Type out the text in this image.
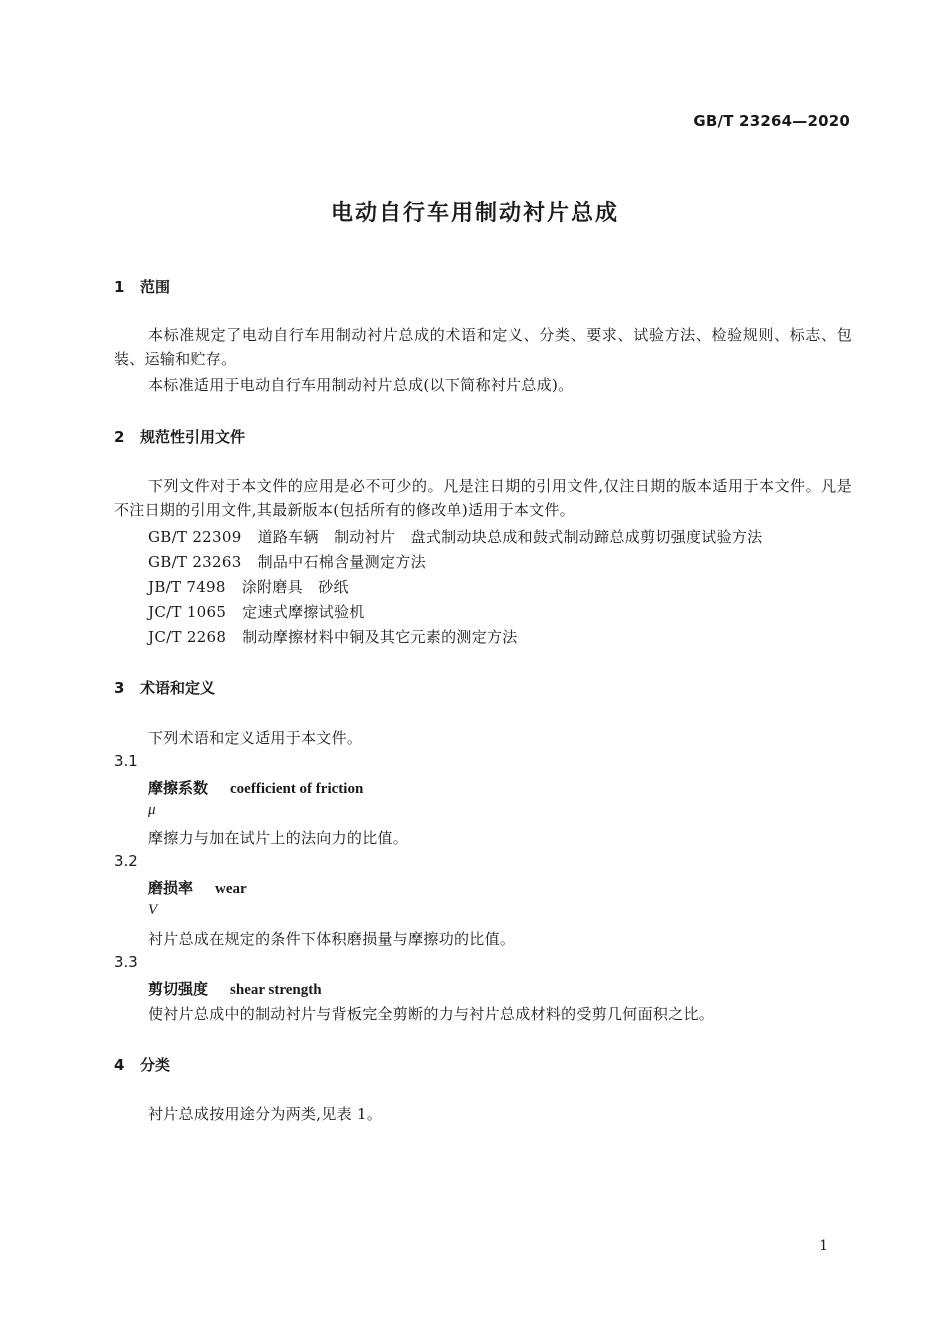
GB/T 23264—2020
电动自行车用制动衬片总成
1 范围
本标准规定了电动自行车用制动衬片总成的术语和定义、分类、要求、试验方法、检验规则、标志、包装、运输和贮存。
本标准适用于电动自行车用制动衬片总成(以下简称衬片总成)。
2 规范性引用文件
下列文件对于本文件的应用是必不可少的。凡是注日期的引用文件,仅注日期的版本适用于本文件。凡是不注日期的引用文件,其最新版本(包括所有的修改单)适用于本文件。
GB/T 22309 道路车辆　制动衬片　盘式制动块总成和鼓式制动蹄总成剪切强度试验方法
GB/T 23263 制品中石棉含量测定方法
JB/T 7498 涂附磨具　砂纸
JC/T 1065 定速式摩擦试验机
JC/T 2268 制动摩擦材料中铜及其它元素的测定方法
3 术语和定义
下列术语和定义适用于本文件。
3.1
摩擦系数 coefficient of friction
μ
摩擦力与加在试片上的法向力的比值。
3.2
磨损率 wear
V
衬片总成在规定的条件下体积磨损量与摩擦功的比值。
3.3
剪切强度 shear strength
使衬片总成中的制动衬片与背板完全剪断的力与衬片总成材料的受剪几何面积之比。
4 分类
衬片总成按用途分为两类,见表 1。
1
